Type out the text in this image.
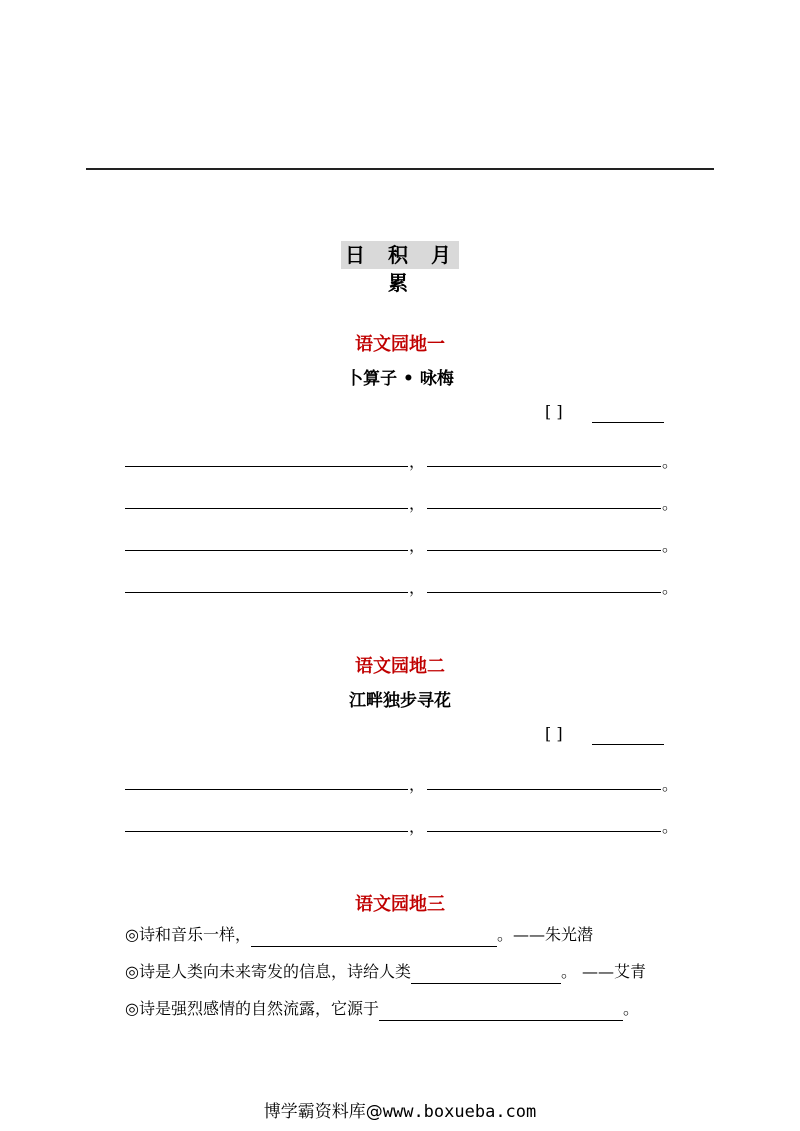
日 积 月 累
语文园地一
卜算子 • 咏梅
[ ]
，	。
，	。
，	。
，	。
语文园地二
江畔独步寻花
[ ]
，	。
，	。
语文园地三
◎诗和音乐一样，	。——朱光潜
◎诗是人类向未来寄发的信息，诗给人类	。 ——艾青
◎诗是强烈感情的自然流露，它源于	。
博学霸资料库@www.boxueba.com
